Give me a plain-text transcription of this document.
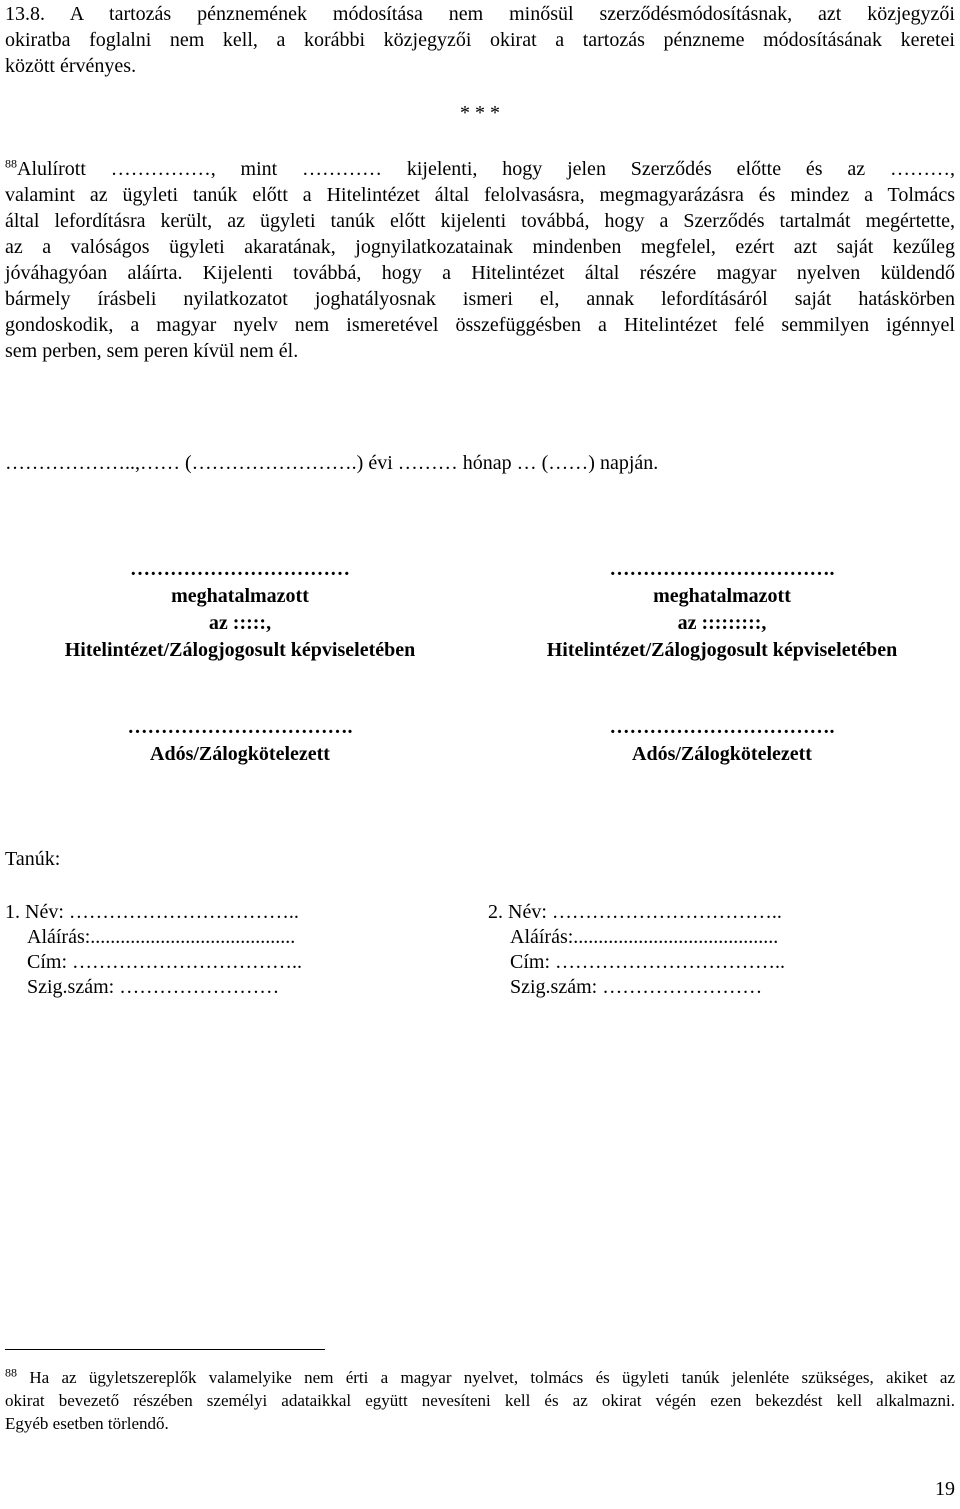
13.8. A tartozás pénznemének módosítása nem minősül szerződésmódosításnak, azt közjegyzői
okiratba foglalni nem kell, a korábbi közjegyzői okirat a tartozás pénzneme módosításának keretei
között érvényes.
* * *
$^{88}$Alulírott ……………, mint ………… kijelenti, hogy jelen Szerződés előtte és az ………,
valamint az ügyleti tanúk előtt a Hitelintézet által felolvasásra, megmagyarázásra és mindez a Tolmács
által lefordításra került, az ügyleti tanúk előtt kijelenti továbbá, hogy a Szerződés tartalmát megértette,
az a valóságos ügyleti akaratának, jognyilatkozatainak mindenben megfelel, ezért azt saját kezűleg
jóváhagyóan aláírta. Kijelenti továbbá, hogy a Hitelintézet által részére magyar nyelven küldendő
bármely írásbeli nyilatkozatot joghatályosnak ismeri el, annak lefordításáról saját hatáskörben
gondoskodik, a magyar nyelv nem ismeretével összefüggésben a Hitelintézet felé semmilyen igénnyel
sem perben, sem peren kívül nem él.
………………..,…… (…………………….) évi ……… hónap … (……) napján.
……………………………
meghatalmazott
az :::::,
Hitelintézet/Zálogjogosult képviseletében
…………………………….
meghatalmazott
az :::::::::,
Hitelintézet/Zálogjogosult képviseletében
…………………………….
Adós/Zálogkötelezett
…………………………….
Adós/Zálogkötelezett
Tanúk:
1. Név: ……………………………..
Aláírás:.........................................
Cím: ……………………………..
Szig.szám: ……………………
2. Név: ……………………………..
Aláírás:.........................................
Cím: ……………………………..
Szig.szám: ……………………
$^{88}$ Ha az ügyletszereplők valamelyike nem érti a magyar nyelvet, tolmács és ügyleti tanúk jelenléte szükséges, akiket az
okirat bevezető részében személyi adataikkal együtt nevesíteni kell és az okirat végén ezen bekezdést kell alkalmazni.
Egyéb esetben törlendő.
19
